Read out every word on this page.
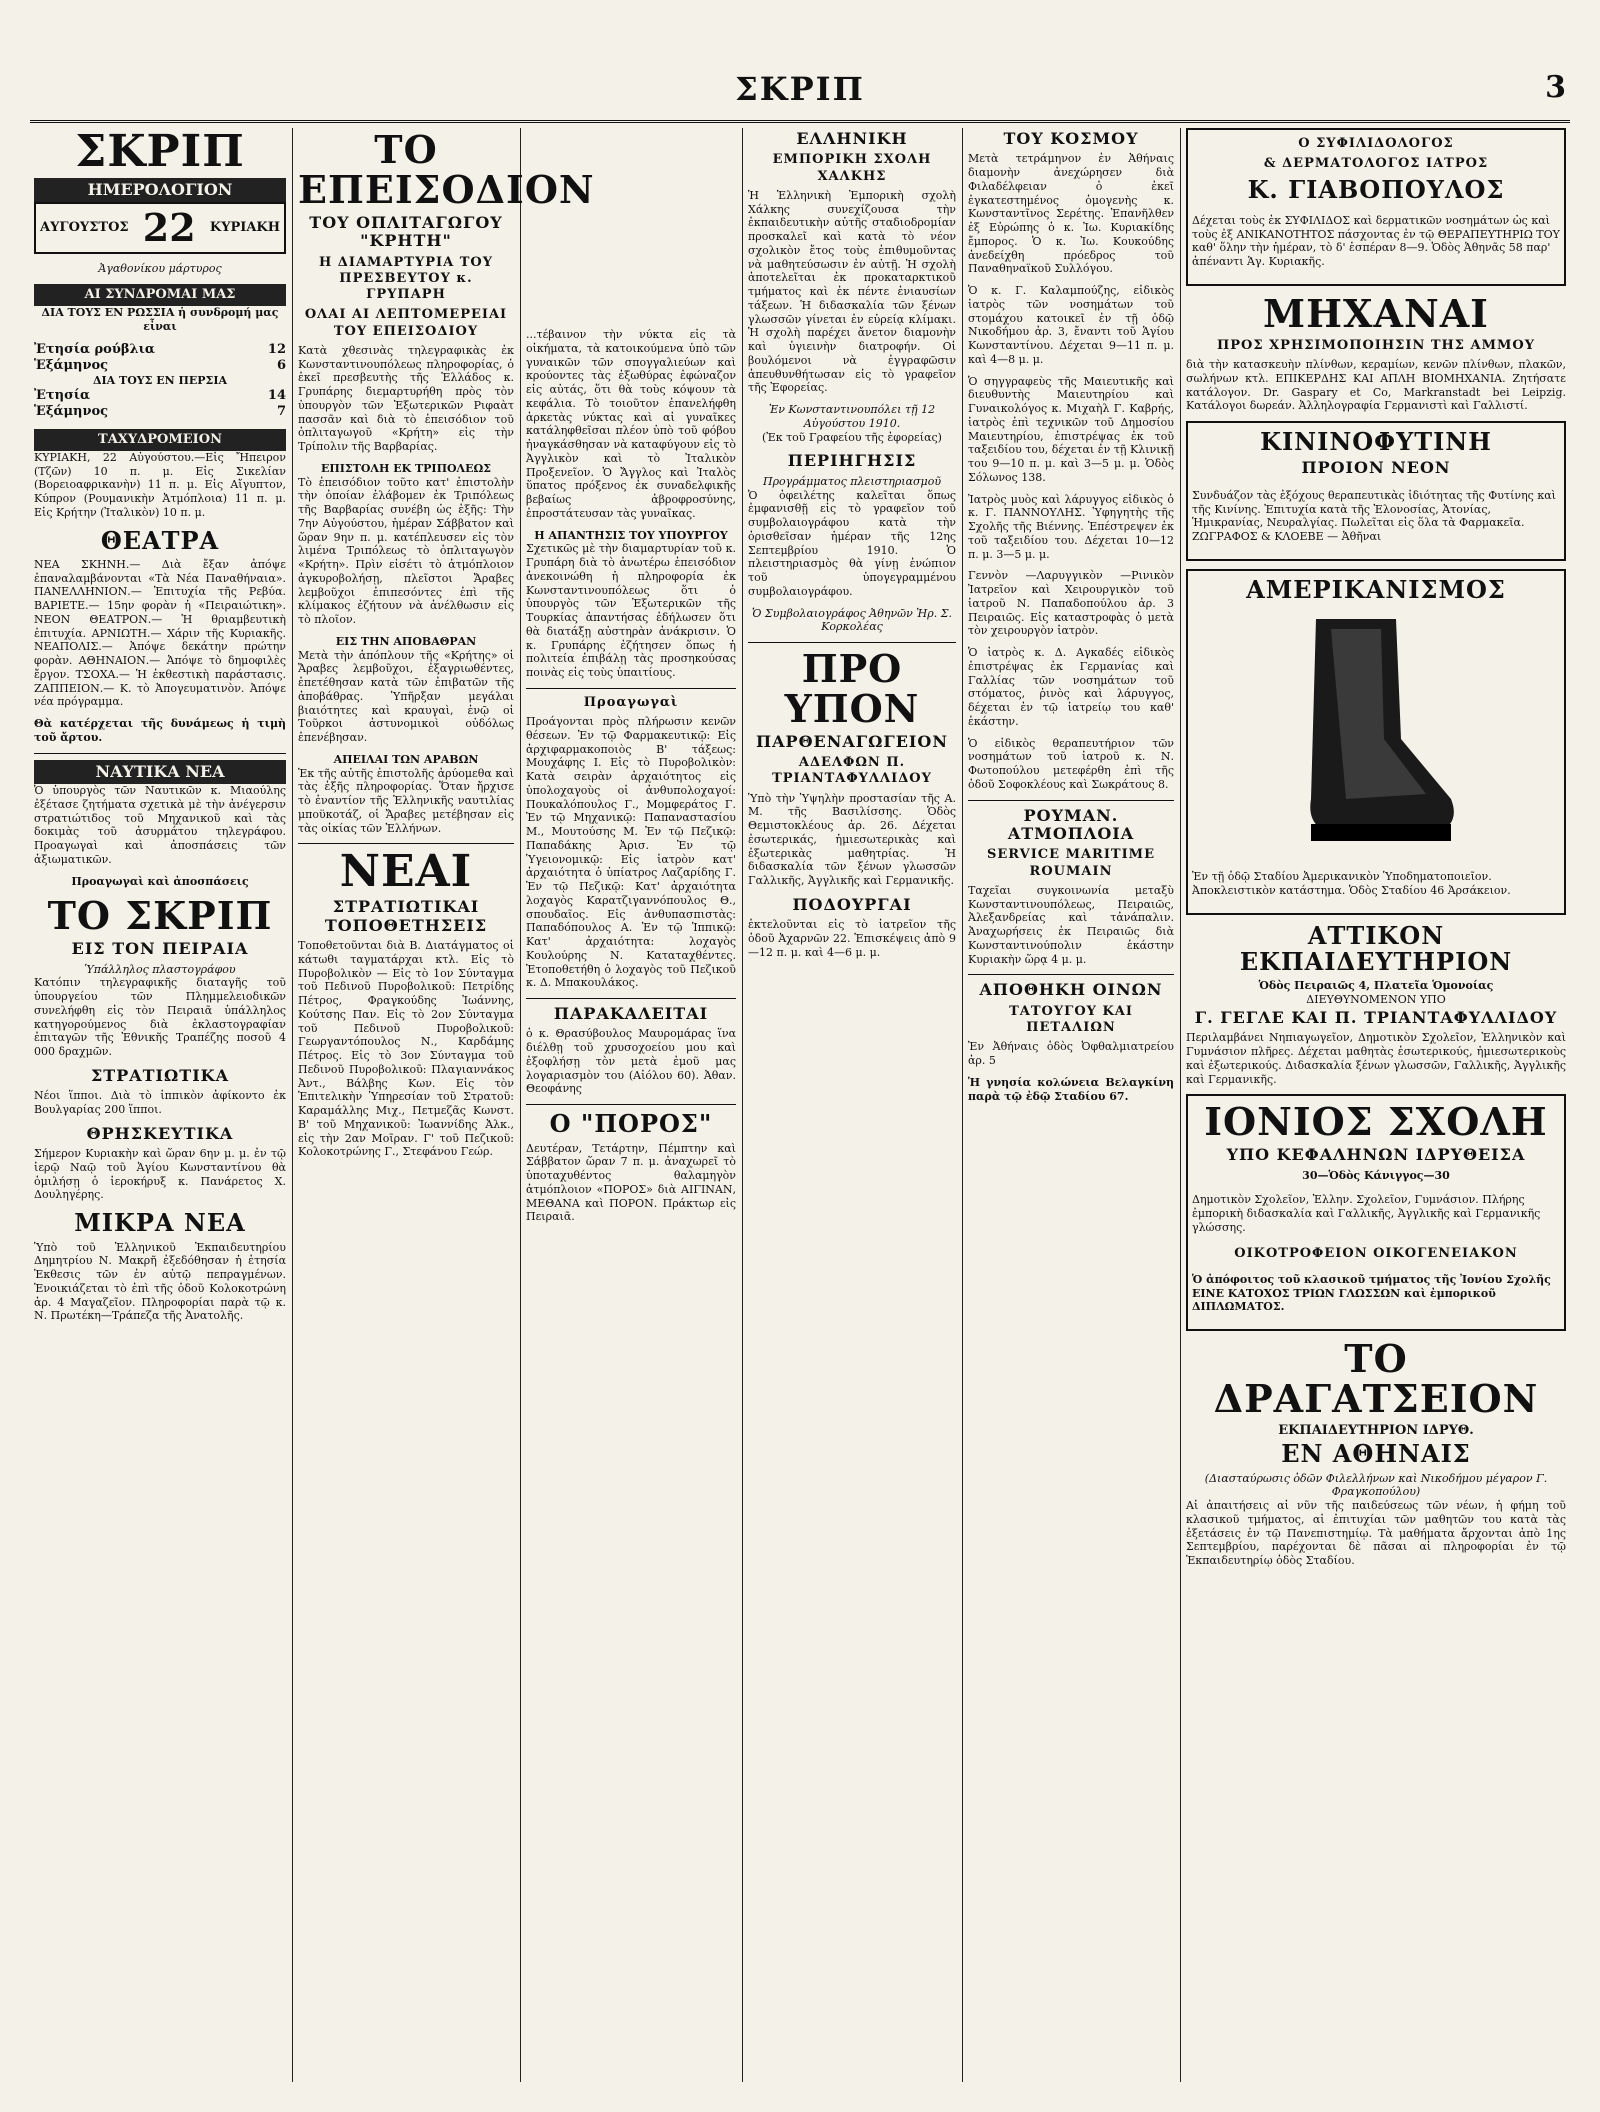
ΣΚΡΙΠ	3
ΣΚΡΙΠ
ΗΜΕΡΟΛΟΓΙΟΝ
ΑΥΓΟΥΣΤΟΣ 22 ΚΥΡΙΑΚΗ
Ἀγαθονίκου μάρτυρος
ΑΙ ΣΥΝΔΡΟΜΑΙ ΜΑΣ
ΔΙΑ ΤΟΥΣ ΕΝ ΡΩΣΣΙΑ ἡ συνδρομή μας εἶναι
Ἐτησία ρούβλια	12
Ἑξάμηνος	6
ΔΙΑ ΤΟΥΣ ΕΝ ΠΕΡΣΙΑ
Ἐτησία	14
Ἑξάμηνος	7
ΤΑΧΥΔΡΟΜΕΙΟΝ

ΚΥΡΙΑΚΗ, 22 Αὐγούστου.—Εἰς Ἤπειρον (Τζῶν) 10 π. μ. Εἰς Σικελίαν (Βορειοαφρικανὴν) 11 π. μ. Εἰς Αἴγυπτον, Κύπρον (Ρουμανικὴν Ἀτμόπλοια) 11 π. μ. Εἰς Κρήτην (Ἰταλικὸν) 10 π. μ.

ΘΕΑΤΡΑ

ΝΕΑ ΣΚΗΝΗ.— Διὰ ἔξαν ἀπόψε ἐπαναλαμβάνονται «Τὰ Νέα Παναθήναια». ΠΑΝΕΛΛΗΝΙΟΝ.— Ἐπιτυχία τῆς Ρεβύα. ΒΑΡΙΕΤΕ.— 15ην φορὰν ἡ «Πειραιώτικη». ΝΕΟΝ ΘΕΑΤΡΟΝ.— Ἡ θριαμβευτικὴ ἐπιτυχία. ΑΡΝΙΩΤΗ.— Χάριν τῆς Κυριακῆς. ΝΕΑΠΟΛΙΣ.— Ἀπόψε δεκάτην πρώτην φορὰν. ΑΘΗΝΑΙΟΝ.— Ἀπόψε τὸ δημοφιλὲς ἔργον. ΤΣΟΧΑ.— Ἡ ἐκθεστικὴ παράστασις. ΖΑΠΠΕΙΟΝ.— Κ. τὸ Ἀπογευματινὸν. Ἀπόψε νέα πρόγραμμα.

Θὰ κατέρχεται τῆς δυνάμεως ἡ τιμὴ τοῦ ἄρτου.

ΝΑΥΤΙΚΑ ΝΕΑ

Ὁ ὑπουργὸς τῶν Ναυτικῶν κ. Μιαούλης ἐξέτασε ζητήματα σχετικὰ μὲ τὴν ἀνέγερσιν στρατιώτιδος τοῦ Μηχανικοῦ καὶ τὰς δοκιμὰς τοῦ ἀσυρμάτου τηλεγράφου. Προαγωγαὶ καὶ ἀποσπάσεις τῶν ἀξιωματικῶν.

Προαγωγαὶ καὶ ἀποσπάσεις
ΤΟ ΣΚΡΙΠ
ΕΙΣ ΤΟΝ ΠΕΙΡΑΙΑ
Ὑπάλληλος πλαστογράφου

Κατόπιν τηλεγραφικῆς διαταγῆς τοῦ ὑπουργείου τῶν Πλημμελειοδικῶν συνελήφθη εἰς τὸν Πειραιᾶ ὑπάλληλος κατηγορούμενος διὰ ἐκλαστογραφίαν ἐπιταγῶν τῆς Ἐθνικῆς Τραπέζης ποσοῦ 4 000 δραχμῶν.

ΣΤΡΑΤΙΩΤΙΚΑ

Νέοι ἵπποι. Διὰ τὸ ἱππικὸν ἀφίκοντο ἐκ Βουλγαρίας 200 ἵπποι.

ΘΡΗΣΚΕΥΤΙΚΑ

Σήμερον Κυριακὴν καὶ ὥραν 6ην μ. μ. ἐν τῷ ἱερῷ Ναῷ τοῦ Ἁγίου Κωνσταντίνου θὰ ὁμιλήσῃ ὁ ἱεροκήρυξ κ. Πανάρετος Χ. Δουληγέρης.

ΜΙΚΡΑ ΝΕΑ

Ὑπὸ τοῦ Ἑλληνικοῦ Ἐκπαιδευτηρίου Δημητρίου Ν. Μακρῆ ἐξεδόθησαν ἡ ἐτησία Ἐκθεσις τῶν ἐν αὐτῷ πεπραγμένων. Ἐνοικιάζεται τὸ ἐπὶ τῆς ὁδοῦ Κολοκοτρώνη ἀρ. 4 Μαγαζεῖον. Πληροφορίαι παρὰ τῷ κ. Ν. Πρωτέκη—Τράπεζα τῆς Ἀνατολῆς.

ΤΟ ΕΠΕΙΣΟΔΙΟΝ
ΤΟΥ ΟΠΛΙΤΑΓΩΓΟΥ "ΚΡΗΤΗ"
Η ΔΙΑΜΑΡΤΥΡΙΑ ΤΟΥ ΠΡΕΣΒΕΥΤΟΥ κ. ΓΡΥΠΑΡΗ
ΟΛΑΙ ΑΙ ΛΕΠΤΟΜΕΡΕΙΑΙ ΤΟΥ ΕΠΕΙΣΟΔΙΟΥ

Κατὰ χθεσινὰς τηλεγραφικὰς ἐκ Κωνσταντινουπόλεως πληροφορίας, ὁ ἐκεῖ πρεσβευτὴς τῆς Ἑλλάδος κ. Γρυπάρης διεμαρτυρήθη πρὸς τὸν ὑπουργὸν τῶν Ἐξωτερικῶν Ριφαὰτ πασσᾶν καὶ διὰ τὸ ἐπεισόδιον τοῦ ὁπλιταγωγοῦ «Κρήτη» εἰς τὴν Τρίπολιν τῆς Βαρβαρίας.

ΕΠΙΣΤΟΛΗ ΕΚ ΤΡΙΠΟΛΕΩΣ

Τὸ ἐπεισόδιον τοῦτο κατ' ἐπιστολὴν τὴν ὁποίαν ἐλάβομεν ἐκ Τριπόλεως τῆς Βαρβαρίας συνέβη ὡς ἑξῆς: Τὴν 7ην Αὐγούστου, ἡμέραν Σάββατον καὶ ὥραν 9ην π. μ. κατέπλευσεν εἰς τὸν λιμένα Τριπόλεως τὸ ὁπλιταγωγὸν «Κρήτη». Πρὶν εἰσέτι τὸ ἀτμόπλοιον ἀγκυροβολήσῃ, πλεῖστοι Ἄραβες λεμβοῦχοι ἐπιπεσόντες ἐπὶ τῆς κλίμακος ἐζήτουν νὰ ἀνέλθωσιν εἰς τὸ πλοῖον.

ΕΙΣ ΤΗΝ ΑΠΟΒΑΘΡΑΝ

Μετὰ τὴν ἀπόπλουν τῆς «Κρήτης» οἱ Ἄραβες λεμβοῦχοι, ἐξαγριωθέντες, ἐπετέθησαν κατὰ τῶν ἐπιβατῶν τῆς ἀποβάθρας. Ὑπῆρξαν μεγάλαι βιαιότητες καὶ κραυγαὶ, ἐνῷ οἱ Τοῦρκοι ἀστυνομικοὶ οὐδόλως ἐπενέβησαν.

ΑΠΕΙΛΑΙ ΤΩΝ ΑΡΑΒΩΝ

Ἐκ τῆς αὐτῆς ἐπιστολῆς ἀρύομεθα καὶ τὰς ἑξῆς πληροφορίας. Ὅταν ἤρχισε τὸ ἐναντίον τῆς Ἑλληνικῆς ναυτιλίας μποϋκοτάζ, οἱ Ἄραβες μετέβησαν εἰς τὰς οἰκίας τῶν Ἑλλήνων.

ΝΕΑΙ
ΣΤΡΑΤΙΩΤΙΚΑΙ ΤΟΠΟΘΕΤΗΣΕΙΣ

Τοποθετοῦνται διὰ Β. Διατάγματος οἱ κάτωθι ταγματάρχαι κτλ. Εἰς τὸ Πυροβολικὸν — Εἰς τὸ 1ον Σύνταγμα τοῦ Πεδινοῦ Πυροβολικοῦ: Πετρίδης Πέτρος, Φραγκούδης Ἰωάννης, Κούτσης Παν. Εἰς τὸ 2ον Σύνταγμα τοῦ Πεδινοῦ Πυροβολικοῦ: Γεωργαντόπουλος Ν., Καρδάμης Πέτρος. Εἰς τὸ 3ον Σύνταγμα τοῦ Πεδινοῦ Πυροβολικοῦ: Πλαγιαννάκος Ἀντ., Βάλβης Κων. Εἰς τὸν Ἐπιτελικὴν Ὑπηρεσίαν τοῦ Στρατοῦ: Καραμάλλης Μιχ., Πετμεζᾶς Κωνστ. Β' τοῦ Μηχανικοῦ: Ἰωαννίδης Ἀλκ., εἰς τὴν 2αν Μοῖραν. Γ' τοῦ Πεζικοῦ: Κολοκοτρώνης Γ., Στεφάνου Γεώρ.

...τέβαινον τὴν νύκτα εἰς τὰ οἰκήματα, τὰ κατοικούμενα ὑπὸ τῶν γυναικῶν τῶν σπογγαλιεύων καὶ κρούοντες τὰς ἐξωθύρας ἐφώναζον εἰς αὐτάς, ὅτι θὰ τοὺς κόψουν τὰ κεφάλια. Τὸ τοιοῦτον ἐπανελήφθη ἀρκετὰς νύκτας καὶ αἱ γυναῖκες κατάληφθεῖσαι πλέον ὑπὸ τοῦ φόβου ἠναγκάσθησαν νὰ καταφύγουν εἰς τὸ Ἀγγλικὸν καὶ τὸ Ἰταλικὸν Προξενεῖον. Ὁ Ἄγγλος καὶ Ἰταλὸς ὕπατος πρόξενος ἐκ συναδελφικῆς βεβαίως ἀβροφροσύνης, ἐπροστάτευσαν τὰς γυναῖκας.

Η ΑΠΑΝΤΗΣΙΣ ΤΟΥ ΥΠΟΥΡΓΟΥ

Σχετικῶς μὲ τὴν διαμαρτυρίαν τοῦ κ. Γρυπάρη διὰ τὸ ἀνωτέρω ἐπεισόδιον ἀνεκοινώθη ἡ πληροφορία ἐκ Κωνσταντινουπόλεως ὅτι ὁ ὑπουργὸς τῶν Ἐξωτερικῶν τῆς Τουρκίας ἀπαντήσας ἐδήλωσεν ὅτι θὰ διατάξῃ αὐστηρὰν ἀνάκρισιν. Ὁ κ. Γρυπάρης ἐζήτησεν ὅπως ἡ πολιτεία ἐπιβάλῃ τὰς προσηκούσας ποινὰς εἰς τοὺς ὑπαιτίους.

Προαγωγαὶ

Προάγονται πρὸς πλήρωσιν κενῶν θέσεων. Ἐν τῷ Φαρμακευτικῷ: Εἰς ἀρχιφαρμακοποιὸς Β' τάξεως: Μουχάφης Ι. Εἰς τὸ Πυροβολικὸν: Κατὰ σειρὰν ἀρχαιότητος εἰς ὑπολοχαγοὺς οἱ ἀνθυπολοχαγοί: Πουκαλόπουλος Γ., Μομφεράτος Γ. Ἐν τῷ Μηχανικῷ: Παπαναστασίου Μ., Μουτούσης Μ. Ἐν τῷ Πεζικῷ: Παπαδάκης Ἀρισ. Ἐν τῷ Ὑγειονομικῷ: Εἰς ἰατρὸν κατ' ἀρχαιότητα ὁ ὑπίατρος Λαζαρίδης Γ. Ἐν τῷ Πεζικῷ: Κατ' ἀρχαιότητα λοχαγὸς Καρατζιγαννόπουλος Θ., σπουδαῖος. Εἰς ἀνθυπασπιστὰς: Παπαδόπουλος Α. Ἐν τῷ Ἱππικῷ: Κατ' ἀρχαιότητα: λοχαγὸς Κουλούρης Ν. Καταταχθέντες. Ἐτοποθετήθη ὁ λοχαγὸς τοῦ Πεζικοῦ κ. Δ. Μπακουλάκος.

ΠΑΡΑΚΑΛΕΙΤΑΙ

ὁ κ. Θρασύβουλος Μαυρομάρας ἵνα διέλθῃ τοῦ χρυσοχοείου μου καὶ ἐξοφλήσῃ τὸν μετὰ ἐμοῦ μας λογαριασμὸν του (Αἰόλου 60). Ἀθαν. Θεοφάνης

Ο "ΠΟΡΟΣ"

Δευτέραν, Τετάρτην, Πέμπτην καὶ Σάββατον ὥραν 7 π. μ. ἀναχωρεῖ τὸ ὑποταχυθέντος θαλαμηγὸν ἀτμόπλοιον «ΠΟΡΟΣ» διὰ ΑΙΓΙΝΑΝ, ΜΕΘΑΝΑ καὶ ΠΟΡΟΝ. Πράκτωρ εἰς Πειραιᾶ.

ΕΛΛΗΝΙΚΗ
ΕΜΠΟΡΙΚΗ ΣΧΟΛΗ ΧΑΛΚΗΣ

Ἡ Ἑλληνικὴ Ἐμπορικὴ σχολὴ Χάλκης συνεχίζουσα τὴν ἐκπαιδευτικὴν αὐτῆς σταδιοδρομίαν προσκαλεῖ καὶ κατὰ τὸ νέον σχολικὸν ἔτος τοὺς ἐπιθυμοῦντας νὰ μαθητεύσωσιν ἐν αὐτῇ. Ἡ σχολὴ ἀποτελεῖται ἐκ προκαταρκτικοῦ τμήματος καὶ ἐκ πέντε ἐνιαυσίων τάξεων. Ἡ διδασκαλία τῶν ξένων γλωσσῶν γίνεται ἐν εὐρείᾳ κλίμακι. Ἡ σχολὴ παρέχει ἄνετον διαμονὴν καὶ ὑγιεινὴν διατροφήν. Οἱ βουλόμενοι νὰ ἐγγραφῶσιν ἀπευθυνθήτωσαν εἰς τὸ γραφεῖον τῆς Ἐφορείας.

Ἐν Κωνσταντινουπόλει τῇ 12 Αὐγούστου 1910.
(Ἐκ τοῦ Γραφείου τῆς ἐφορείας)
ΠΕΡΙΗΓΗΣΙΣ
Προγράμματος πλειστηριασμοῦ

Ὁ ὀφειλέτης καλεῖται ὅπως ἐμφανισθῇ εἰς τὸ γραφεῖον τοῦ συμβολαιογράφου κατὰ τὴν ὁρισθεῖσαν ἡμέραν τῆς 12ης Σεπτεμβρίου 1910. Ὁ πλειστηριασμὸς θὰ γίνῃ ἐνώπιον τοῦ ὑπογεγραμμένου συμβολαιογράφου.

Ὁ Συμβολαιογράφος Ἀθηνῶν Ἠρ. Σ. Κορκολέας
ΠΡΟ ΥΠΟΝ
ΠΑΡΘΕΝΑΓΩΓΕΙΟΝ
ΑΔΕΛΦΩΝ Π. ΤΡΙΑΝΤΑΦΥΛΛΙΔΟΥ

Ὑπὸ τὴν Ὑψηλὴν προστασίαν τῆς Α. Μ. τῆς Βασιλίσσης. Ὁδὸς Θεμιστοκλέους ἀρ. 26. Δέχεται ἐσωτερικάς, ἡμιεσωτερικὰς καὶ ἐξωτερικὰς μαθητρίας. Ἡ διδασκαλία τῶν ξένων γλωσσῶν Γαλλικῆς, Ἀγγλικῆς καὶ Γερμανικῆς.

ΠΟΔΟΥΡΓΑΙ

ἐκτελοῦνται εἰς τὸ ἰατρεῖον τῆς ὁδοῦ Ἀχαρνῶν 22. Ἐπισκέψεις ἀπὸ 9—12 π. μ. καὶ 4—6 μ. μ.

ΤΟΥ ΚΟΣΜΟΥ

Μετὰ τετράμηνον ἐν Ἀθήναις διαμονὴν ἀνεχώρησεν διὰ Φιλαδέλφειαν ὁ ἐκεῖ ἐγκατεστημένος ὁμογενὴς κ. Κωνσταντῖνος Σερέτης. Ἐπανῆλθεν ἐξ Εὐρώπης ὁ κ. Ἰω. Κυριακίδης ἔμπορος. Ὁ κ. Ἰω. Κουκούδης ἀνεδείχθη πρόεδρος τοῦ Παναθηναϊκοῦ Συλλόγου.

Ὁ κ. Γ. Καλαμπούζης, εἰδικὸς ἰατρὸς τῶν νοσημάτων τοῦ στομάχου κατοικεῖ ἐν τῇ ὁδῷ Νικοδήμου ἀρ. 3, ἔναντι τοῦ Ἁγίου Κωνσταντίνου. Δέχεται 9—11 π. μ. καὶ 4—8 μ. μ.

Ὁ σηγγραφεὺς τῆς Μαιευτικῆς καὶ διευθυντὴς Μαιευτηρίου καὶ Γυναικολόγος κ. Μιχαὴλ Γ. Καβρής, ἰατρὸς ἐπὶ τεχνικῶν τοῦ Δημοσίου Μαιευτηρίου, ἐπιστρέψας ἐκ τοῦ ταξειδίου του, δέχεται ἐν τῇ Κλινικῇ του 9—10 π. μ. καὶ 3—5 μ. μ. Ὁδὸς Σόλωνος 138.

Ἰατρὸς μυὸς καὶ λάρυγγος εἰδικὸς ὁ κ. Γ. ΠΑΝΝΟΥΛΗΣ. Ὑφηγητὴς τῆς Σχολῆς τῆς Βιέννης. Ἐπέστρεψεν ἐκ τοῦ ταξειδίου του. Δέχεται 10—12 π. μ. 3—5 μ. μ.

Γεννὸν —Λαρυγγικὸν —Ρινικὸν Ἰατρεῖον καὶ Χειρουργικὸν τοῦ ἰατροῦ Ν. Παπαδοπούλου ἀρ. 3 Πειραιῶς. Εἰς καταστροφὰς ὁ μετὰ τὸν χειρουργὸν ἰατρὸν.

Ὁ ἰατρὸς κ. Δ. Αγκαδές εἰδικὸς ἐπιστρέψας ἐκ Γερμανίας καὶ Γαλλίας τῶν νοσημάτων τοῦ στόματος, ῥινὸς καὶ λάρυγγος, δέχεται ἐν τῷ ἰατρείῳ του καθ' ἑκάστην.

Ὁ εἰδικὸς θεραπευτήριον τῶν νοσημάτων τοῦ ἰατροῦ κ. Ν. Φωτοπούλου μετεφέρθη ἐπὶ τῆς ὁδοῦ Σοφοκλέους καὶ Σωκράτους 8.

ΡΟΥΜΑΝ. ΑΤΜΟΠΛΟΙΑ
SERVICE MARITIME ROUMAIN

Ταχεῖαι συγκοινωνία μεταξὺ Κωνσταντινουπόλεως, Πειραιῶς, Ἀλεξανδρείας καὶ τἀνάπαλιν. Ἀναχωρήσεις ἐκ Πειραιῶς διὰ Κωνσταντινούπολιν ἑκάστην Κυριακὴν ὥρᾳ 4 μ. μ.

ΑΠΟΘΗΚΗ ΟΙΝΩΝ
ΤΑΤΟΥΓΟΥ ΚΑΙ ΠΕΤΑΛΙΩΝ

Ἐν Ἀθήναις ὁδὸς Ὀφθαλμιατρείου ἀρ. 5

Ἡ γνησία κολώνεια Βελαγκίνη παρὰ τῷ ἐδῷ Σταδίου 67.

Ο ΣΥΦΙΛΙΔΟΛΟΓΟΣ
& ΔΕΡΜΑΤΟΛΟΓΟΣ ΙΑΤΡΟΣ
Κ. ΓΙΑΒΟΠΟΥΛΟΣ

Δέχεται τοὺς ἐκ ΣΥΦΙΛΙΔΟΣ καὶ δερματικῶν νοσημάτων ὡς καὶ τοὺς ἐξ ΑΝΙΚΑΝΟΤΗΤΟΣ πάσχοντας ἐν τῷ ΘΕΡΑΠΕΥΤΗΡΙΩ ΤΟΥ καθ' ὅλην τὴν ἡμέραν, τὸ δ' ἑσπέραν 8—9. Ὁδὸς Ἀθηνᾶς 58 παρ' ἀπέναντι Ἁγ. Κυριακῆς.

ΜΗΧΑΝΑΙ
ΠΡΟΣ ΧΡΗΣΙΜΟΠΟΙΗΣΙΝ ΤΗΣ ΑΜΜΟΥ

διὰ τὴν κατασκευὴν πλίνθων, κεραμίων, κενῶν πλίνθων, πλακῶν, σωλήνων κτλ. ΕΠΙΚΕΡΔΗΣ ΚΑΙ ΑΠΛΗ ΒΙΟΜΗΧΑΝΙΑ. Ζητήσατε κατάλογον. Dr. Gaspary et Co, Markranstadt bei Leipzig. Κατάλογοι δωρεάν. Ἀλληλογραφία Γερμανιστὶ καὶ Γαλλιστί.

ΚΙΝΙΝΟΦΥΤΙΝΗ
ΠΡΟΙΟΝ ΝΕΟΝ

Συνδυάζον τὰς ἐξόχους θεραπευτικὰς ἰδιότητας τῆς Φυτίνης καὶ τῆς Κινίνης. Ἐπιτυχία κατὰ τῆς Ἐλονοσίας, Ἀτονίας, Ἡμικρανίας, Νευραλγίας. Πωλεῖται εἰς ὅλα τὰ Φαρμακεῖα. ΖΩΓΡΑΦΟΣ & ΚΛΟΕΒΕ — Ἀθῆναι

ΑΜΕΡΙΚΑΝΙΣΜΟΣ

Ἐν τῇ ὁδῷ Σταδίου Ἀμερικανικὸν Ὑποδηματοποιεῖον. Ἀποκλειστικὸν κατάστημα. Ὁδὸς Σταδίου 46 Ἀρσάκειον.

ΑΤΤΙΚΟΝ ΕΚΠΑΙΔΕΥΤΗΡΙΟΝ
Ὁδὸς Πειραιῶς 4, Πλατεῖα Ὁμονοίας
ΔΙΕΥΘΥΝΟΜΕΝΟΝ ΥΠΟ
Γ. ΓΕΓΛΕ ΚΑΙ Π. ΤΡΙΑΝΤΑΦΥΛΛΙΔΟΥ

Περιλαμβάνει Νηπιαγωγεῖον, Δημοτικὸν Σχολεῖον, Ἑλληνικὸν καὶ Γυμνάσιον πλῆρες. Δέχεται μαθητὰς ἐσωτερικούς, ἡμιεσωτερικοὺς καὶ ἐξωτερικούς. Διδασκαλία ξένων γλωσσῶν, Γαλλικῆς, Ἀγγλικῆς καὶ Γερμανικῆς.

ΙΟΝΙΟΣ ΣΧΟΛΗ
ΥΠΟ ΚΕΦΑΛΗΝΩΝ ΙΔΡΥΘΕΙΣΑ
30—Ὁδὸς Κάνιγγος—30

Δημοτικὸν Σχολεῖον, Ἑλλην. Σχολεῖον, Γυμνάσιον. Πλήρης ἐμπορικὴ διδασκαλία καὶ Γαλλικῆς, Ἀγγλικῆς καὶ Γερμανικῆς γλώσσης.

ΟΙΚΟΤΡΟΦΕΙΟΝ ΟΙΚΟΓΕΝΕΙΑΚΟΝ

Ὁ ἀπόφοιτος τοῦ κλασικοῦ τμήματος τῆς Ἰονίου Σχολῆς ΕΙΝΕ ΚΑΤΟΧΟΣ ΤΡΙΩΝ ΓΛΩΣΣΩΝ καὶ ἐμπορικοῦ ΔΙΠΛΩΜΑΤΟΣ.

ΤΟ ΔΡΑΓΑΤΣΕΙΟΝ
ΕΚΠΑΙΔΕΥΤΗΡΙΟΝ ΙΔΡΥΘ.
ΕΝ ΑΘΗΝΑΙΣ
(Διασταύρωσις ὁδῶν Φιλελλήνων καὶ Νικοδήμου μέγαρον Γ. Φραγκοπούλου)

Αἱ ἀπαιτήσεις αἱ νῦν τῆς παιδεύσεως τῶν νέων, ἡ φήμη τοῦ κλασικοῦ τμήματος, αἱ ἐπιτυχίαι τῶν μαθητῶν του κατὰ τὰς ἐξετάσεις ἐν τῷ Πανεπιστημίῳ. Τὰ μαθήματα ἄρχονται ἀπὸ 1ης Σεπτεμβρίου, παρέχονται δὲ πᾶσαι αἱ πληροφορίαι ἐν τῷ Ἐκπαιδευτηρίῳ ὁδὸς Σταδίου.
